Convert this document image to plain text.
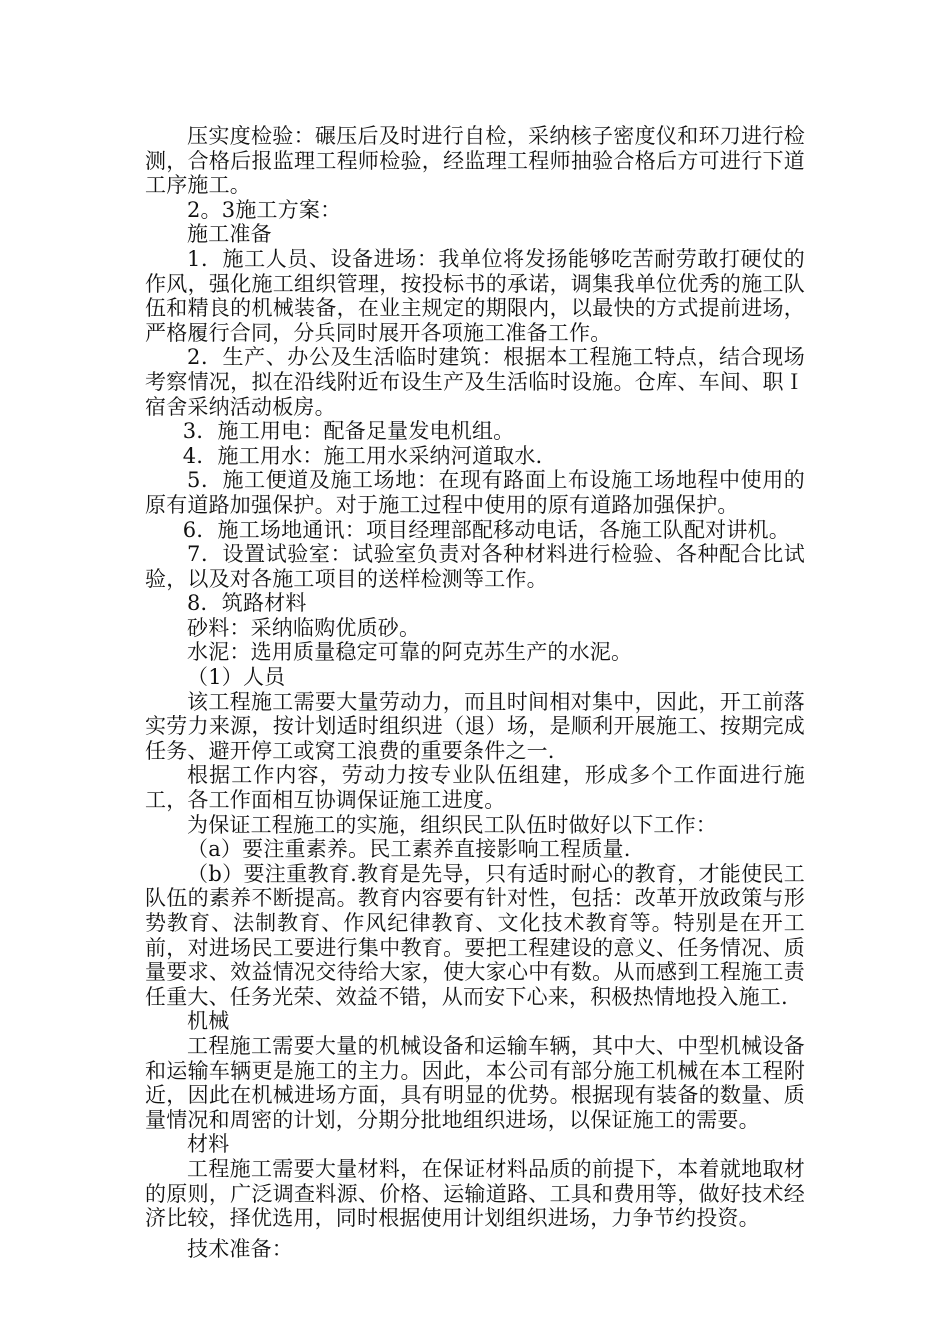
压实度检验：碾压后及时进行自检，采纳核子密度仪和环刀进行检测，合格后报监理工程师检验，经监理工程师抽验合格后方可进行下道工序施工。

2。3施工方案：

施工准备

1．施工人员、设备进场：我单位将发扬能够吃苦耐劳敢打硬仗的作风，强化施工组织管理，按投标书的承诺，调集我单位优秀的施工队伍和精良的机械装备，在业主规定的期限内，以最快的方式提前进场，严格履行合同，分兵同时展开各项施工准备工作。

2．生产、办公及生活临时建筑：根据本工程施工特点，结合现场考察情况，拟在沿线附近布设生产及生活临时设施。仓库、车间、职Ｉ宿舍采纳活动板房。

3．施工用电：配备足量发电机组。

4．施工用水：施工用水采纳河道取水.

5．施工便道及施工场地：在现有路面上布设施工场地程中使用的原有道路加强保护。对于施工过程中使用的原有道路加强保护。

6．施工场地通讯：项目经理部配移动电话，各施工队配对讲机。

7．设置试验室：试验室负责对各种材料进行检验、各种配合比试验，以及对各施工项目的送样检测等工作。

8．筑路材料

砂料：采纳临购优质砂。

水泥：选用质量稳定可靠的阿克苏生产的水泥。

（1）人员

该工程施工需要大量劳动力，而且时间相对集中，因此，开工前落实劳力来源，按计划适时组织进（退）场，是顺利开展施工、按期完成任务、避开停工或窝工浪费的重要条件之一.

根据工作内容，劳动力按专业队伍组建，形成多个工作面进行施工，各工作面相互协调保证施工进度。

为保证工程施工的实施，组织民工队伍时做好以下工作：

（a）要注重素养。民工素养直接影响工程质量.

（b）要注重教育.教育是先导，只有适时耐心的教育，才能使民工队伍的素养不断提高。教育内容要有针对性，包括：改革开放政策与形势教育、法制教育、作风纪律教育、文化技术教育等。特别是在开工前，对进场民工要进行集中教育。要把工程建设的意义、任务情况、质量要求、效益情况交待给大家，使大家心中有数。从而感到工程施工责任重大、任务光荣、效益不错，从而安下心来，积极热情地投入施工.

机械

工程施工需要大量的机械设备和运输车辆，其中大、中型机械设备和运输车辆更是施工的主力。因此，本公司有部分施工机械在本工程附近，因此在机械进场方面，具有明显的优势。根据现有装备的数量、质量情况和周密的计划，分期分批地组织进场，以保证施工的需要。

材料

工程施工需要大量材料，在保证材料品质的前提下，本着就地取材的原则，广泛调查料源、价格、运输道路、工具和费用等，做好技术经济比较，择优选用，同时根据使用计划组织进场，力争节约投资。

技术准备：
